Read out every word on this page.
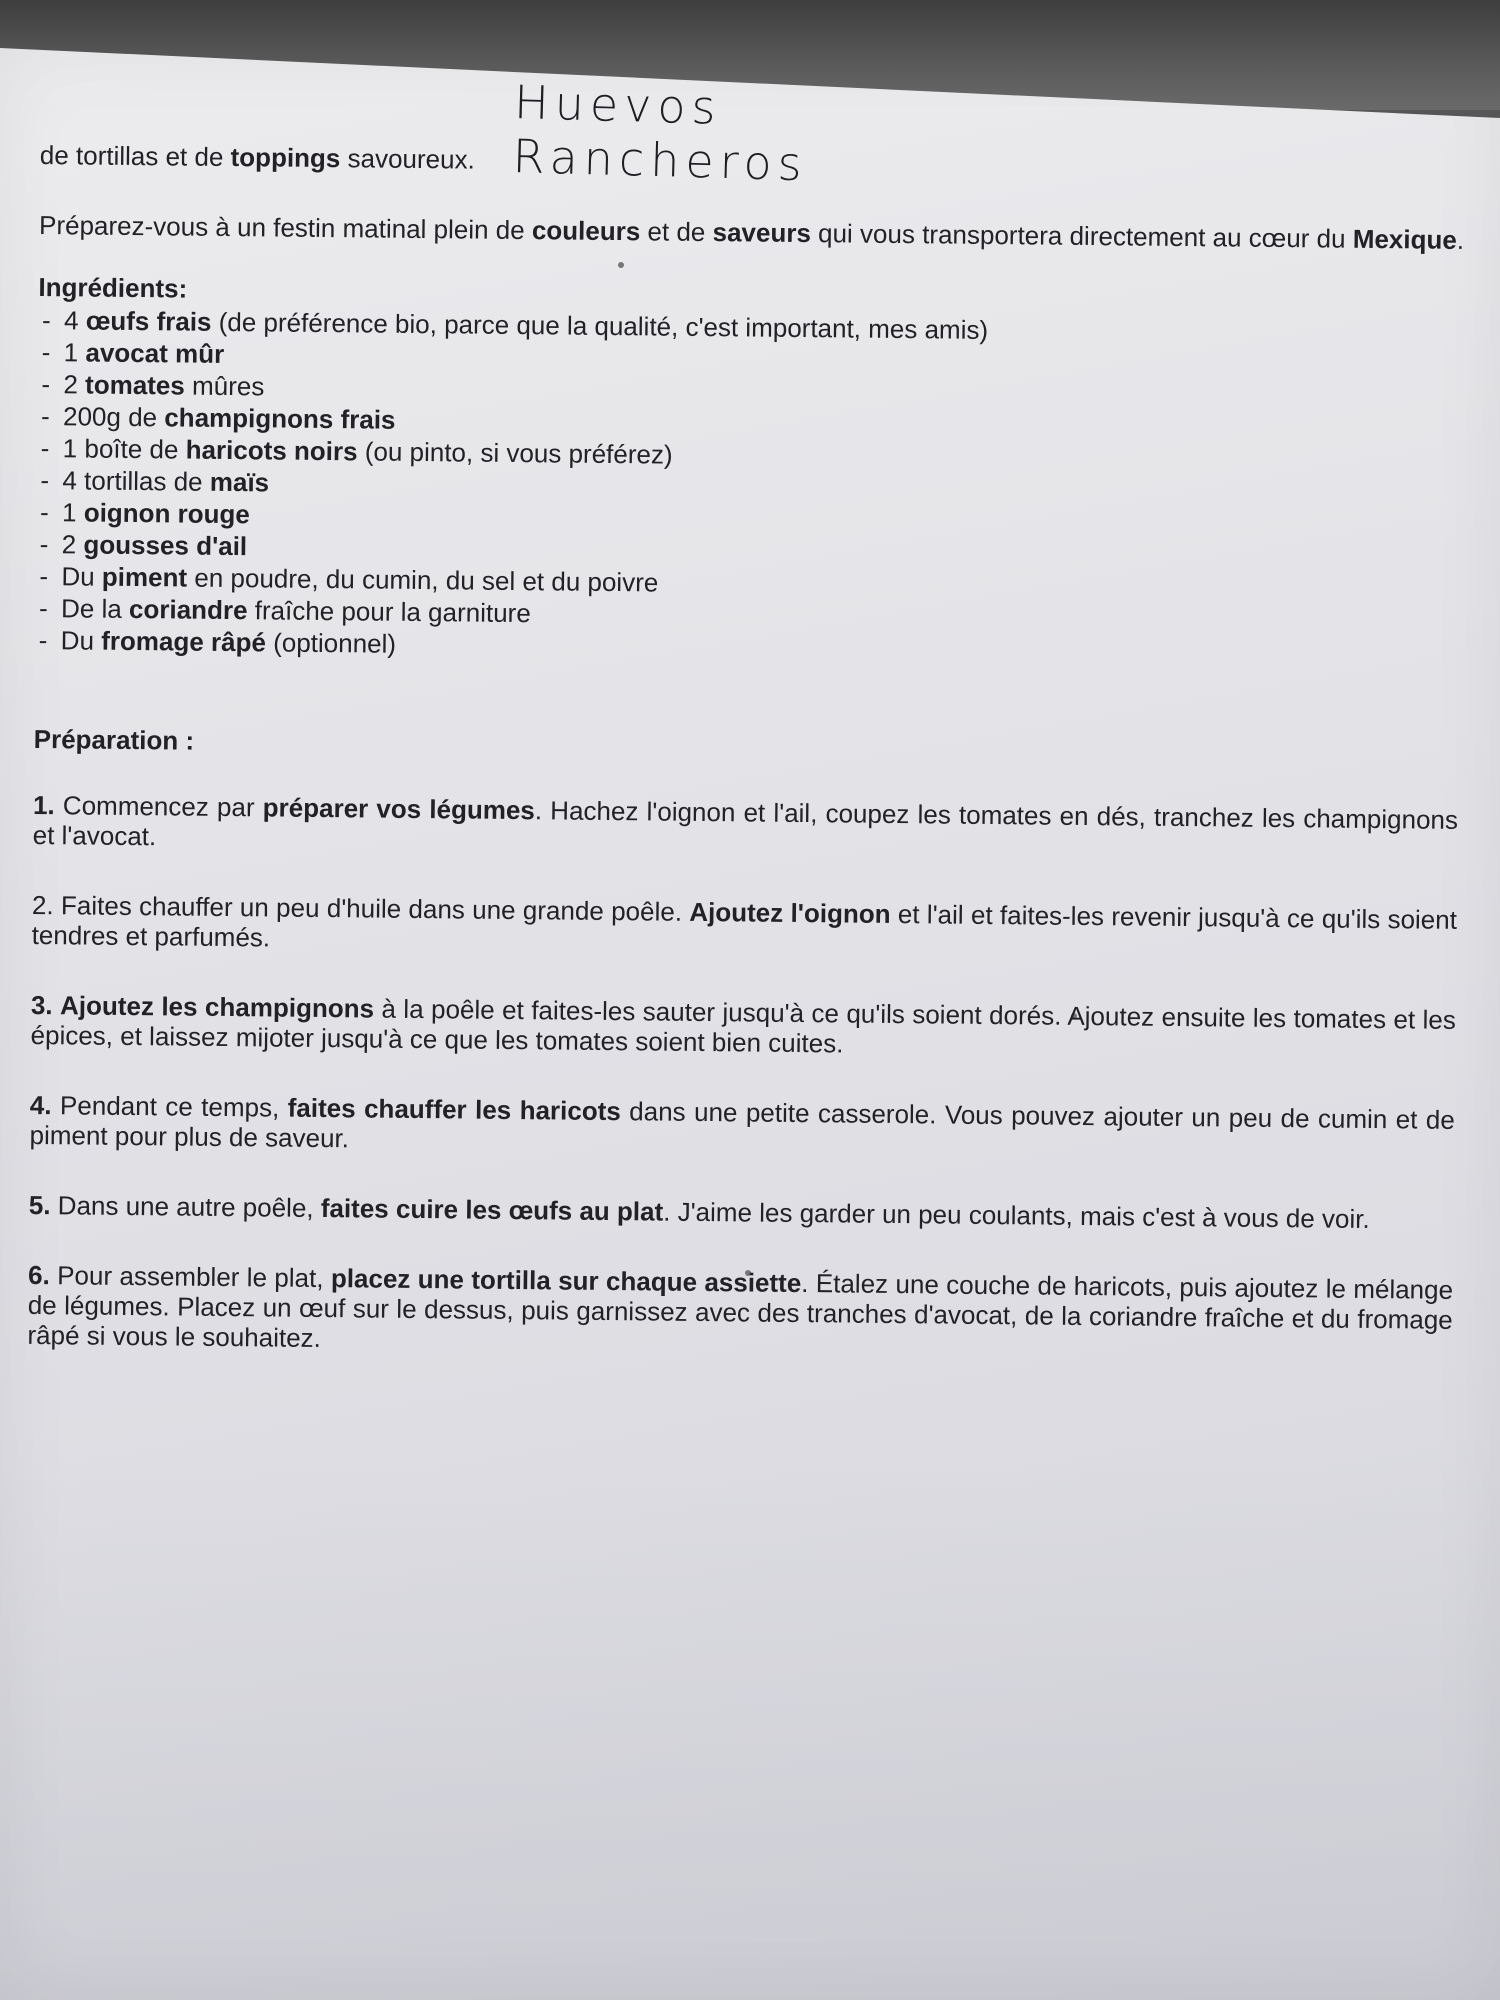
Huevos Rancheros

de tortillas et de toppings savoureux.

Préparez-vous à un festin matinal plein de couleurs et de saveurs qui vous transportera directement au cœur du Mexique.

Ingrédients:

- 4 œufs frais (de préférence bio, parce que la qualité, c'est important, mes amis)
- 1 avocat mûr
- 2 tomates mûres
- 200g de champignons frais
- 1 boîte de haricots noirs (ou pinto, si vous préférez)
- 4 tortillas de maïs
- 1 oignon rouge
- 2 gousses d'ail
- Du piment en poudre, du cumin, du sel et du poivre
- De la coriandre fraîche pour la garniture
- Du fromage râpé (optionnel)

Préparation :

1. Commencez par préparer vos légumes. Hachez l'oignon et l'ail, coupez les tomates en dés, tranchez les champignons et l'avocat.

2. Faites chauffer un peu d'huile dans une grande poêle. Ajoutez l'oignon et l'ail et faites-les revenir jusqu'à ce qu'ils soient tendres et parfumés.

3. Ajoutez les champignons à la poêle et faites-les sauter jusqu'à ce qu'ils soient dorés. Ajoutez ensuite les tomates et les épices, et laissez mijoter jusqu'à ce que les tomates soient bien cuites.

4. Pendant ce temps, faites chauffer les haricots dans une petite casserole. Vous pouvez ajouter un peu de cumin et de piment pour plus de saveur.

5. Dans une autre poêle, faites cuire les œufs au plat. J'aime les garder un peu coulants, mais c'est à vous de voir.

6. Pour assembler le plat, placez une tortilla sur chaque assiette. Étalez une couche de haricots, puis ajoutez le mélange de légumes. Placez un œuf sur le dessus, puis garnissez avec des tranches d'avocat, de la coriandre fraîche et du fromage râpé si vous le souhaitez.
